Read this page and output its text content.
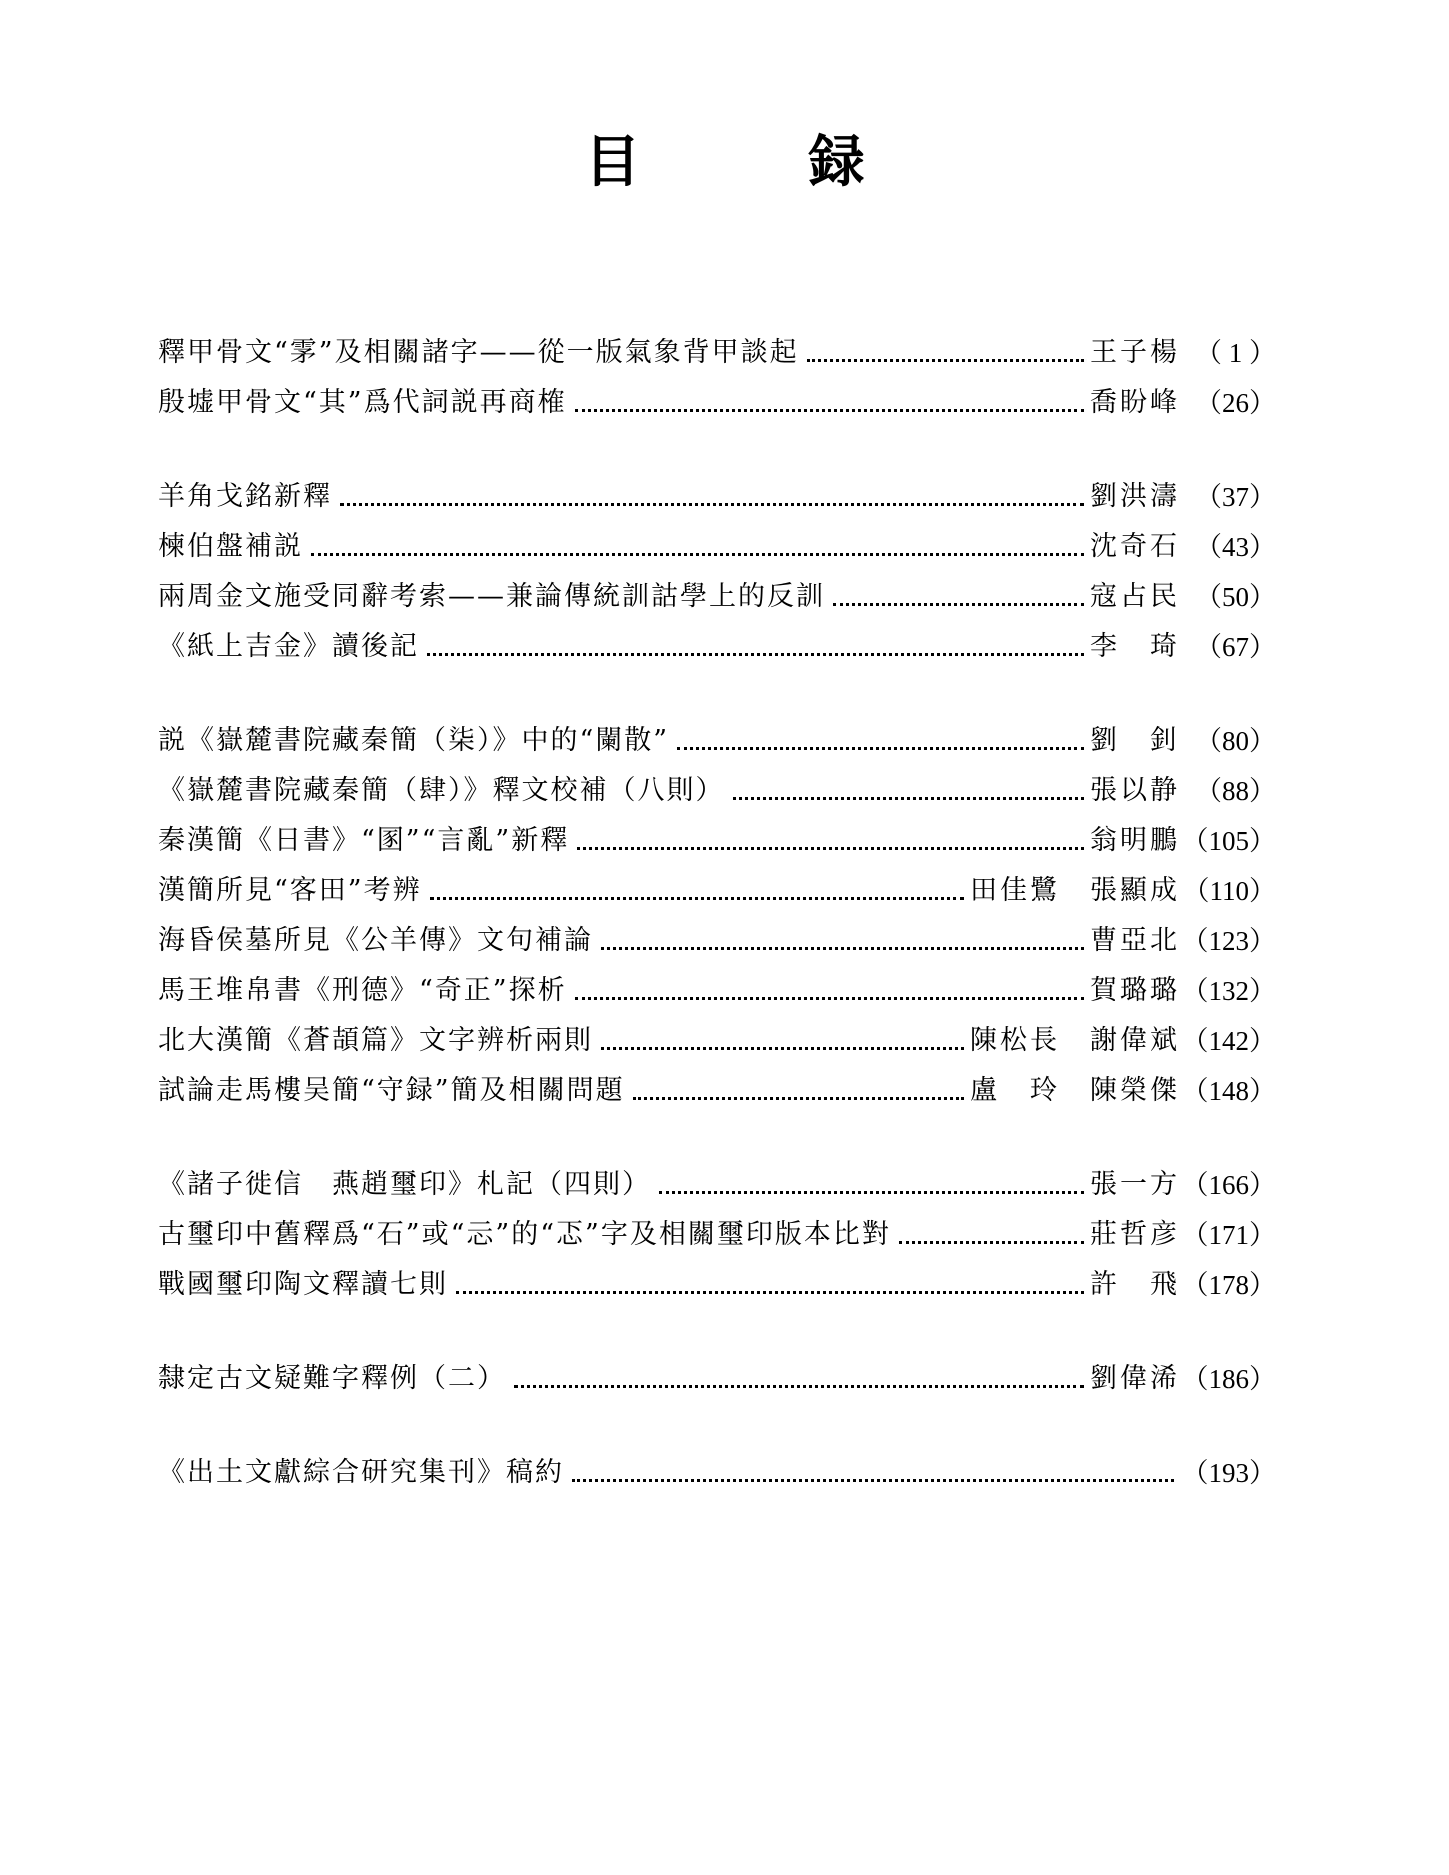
目　録
釋甲骨文“雺”及相關諸字——從一版氣象背甲談起	王子楊 （ 1 ）
殷墟甲骨文“其”爲代詞説再商榷	喬盼峰 （26）
羊角戈銘新釋	劉洪濤 （37）
楝伯盤補説	沈奇石 （43）
兩周金文施受同辭考索——兼論傳統訓詁學上的反訓	寇占民 （50）
《紙上吉金》讀後記	李　琦 （67）
説《嶽麓書院藏秦簡（柒）》中的“闌散”	劉　釗 （80）
《嶽麓書院藏秦簡（肆）》釋文校補（八則）	張以静 （88）
秦漢簡《日書》“圂”“言亂”新釋	翁明鵬 （105）
漢簡所見“客田”考辨	田佳鷺　張顯成 （110）
海昏侯墓所見《公羊傳》文句補論	曹亞北 （123）
馬王堆帛書《刑德》“奇正”探析	賀璐璐 （132）
北大漢簡《蒼頡篇》文字辨析兩則	陳松長　謝偉斌 （142）
試論走馬樓吴簡“守録”簡及相關問題	盧　玲　陳榮傑 （148）
《諸子徙信　燕趙璽印》札記（四則）	張一方 （166）
古璽印中舊釋爲“石”或“忈”的“忑”字及相關璽印版本比對	莊哲彦 （171）
戰國璽印陶文釋讀七則	許　飛 （178）
隸定古文疑難字釋例（二）	劉偉浠 （186）
《出土文獻綜合研究集刊》稿約	（193）
